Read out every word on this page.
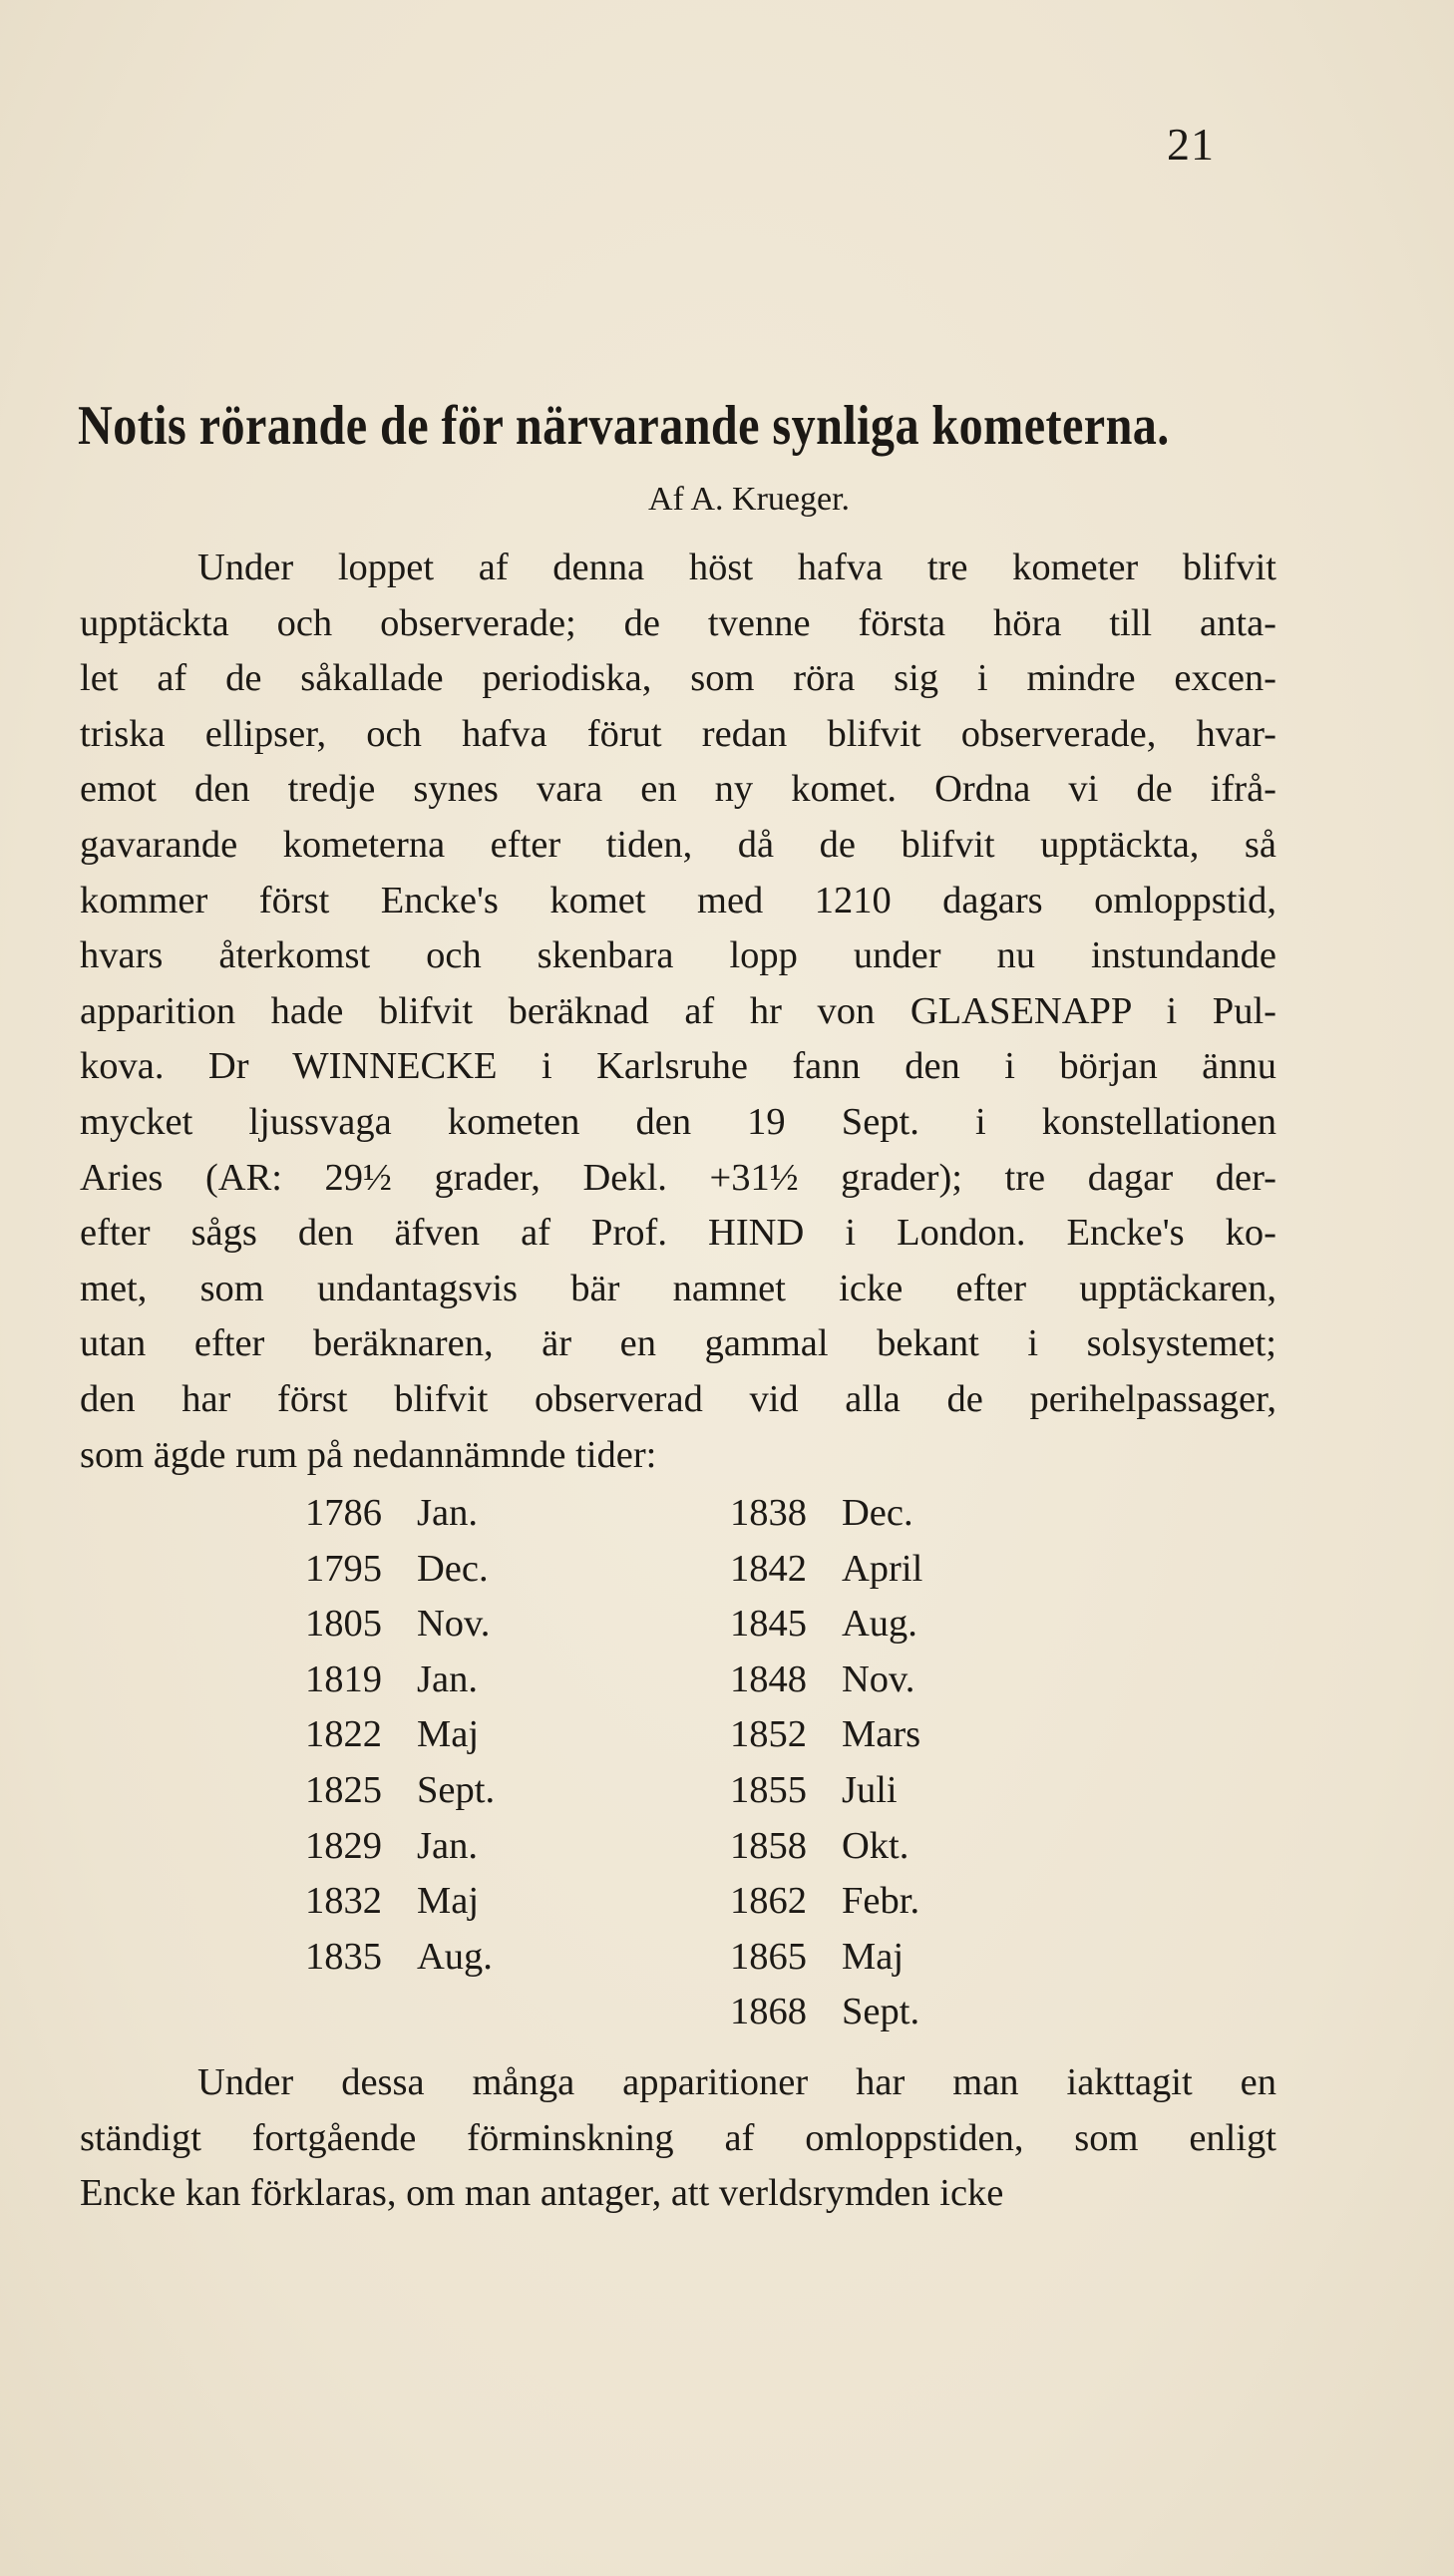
21
Notis rörande de för närvarande synliga kometerna.
Af A. Krueger.
Under loppet af denna höst hafva tre kometer blifvit
upptäckta och observerade; de tvenne första höra till anta-
let af de såkallade periodiska, som röra sig i mindre excen-
triska ellipser, och hafva förut redan blifvit observerade, hvar-
emot den tredje synes vara en ny komet. Ordna vi de ifrå-
gavarande kometerna efter tiden, då de blifvit upptäckta, så
kommer först Encke's komet med 1210 dagars omloppstid,
hvars återkomst och skenbara lopp under nu instundande
apparition hade blifvit beräknad af hr von GLASENAPP i Pul-
kova. Dr WINNECKE i Karlsruhe fann den i början ännu
mycket ljussvaga kometen den 19 Sept. i konstellationen
Aries (AR: 29½ grader, Dekl. +31½ grader); tre dagar der-
efter sågs den äfven af Prof. HIND i London. Encke's ko-
met, som undantagsvis bär namnet icke efter upptäckaren,
utan efter beräknaren, är en gammal bekant i solsystemet;
den har först blifvit observerad vid alla de perihelpassager,
som ägde rum på nedannämnde tider:
1786 Jan.
1795 Dec.
1805 Nov.
1819 Jan.
1822 Maj
1825 Sept.
1829 Jan.
1832 Maj
1835 Aug.
1838 Dec.
1842 April
1845 Aug.
1848 Nov.
1852 Mars
1855 Juli
1858 Okt.
1862 Febr.
1865 Maj
1868 Sept.
Under dessa många apparitioner har man iakttagit en
ständigt fortgående förminskning af omloppstiden, som enligt
Encke kan förklaras, om man antager, att verldsrymden icke
